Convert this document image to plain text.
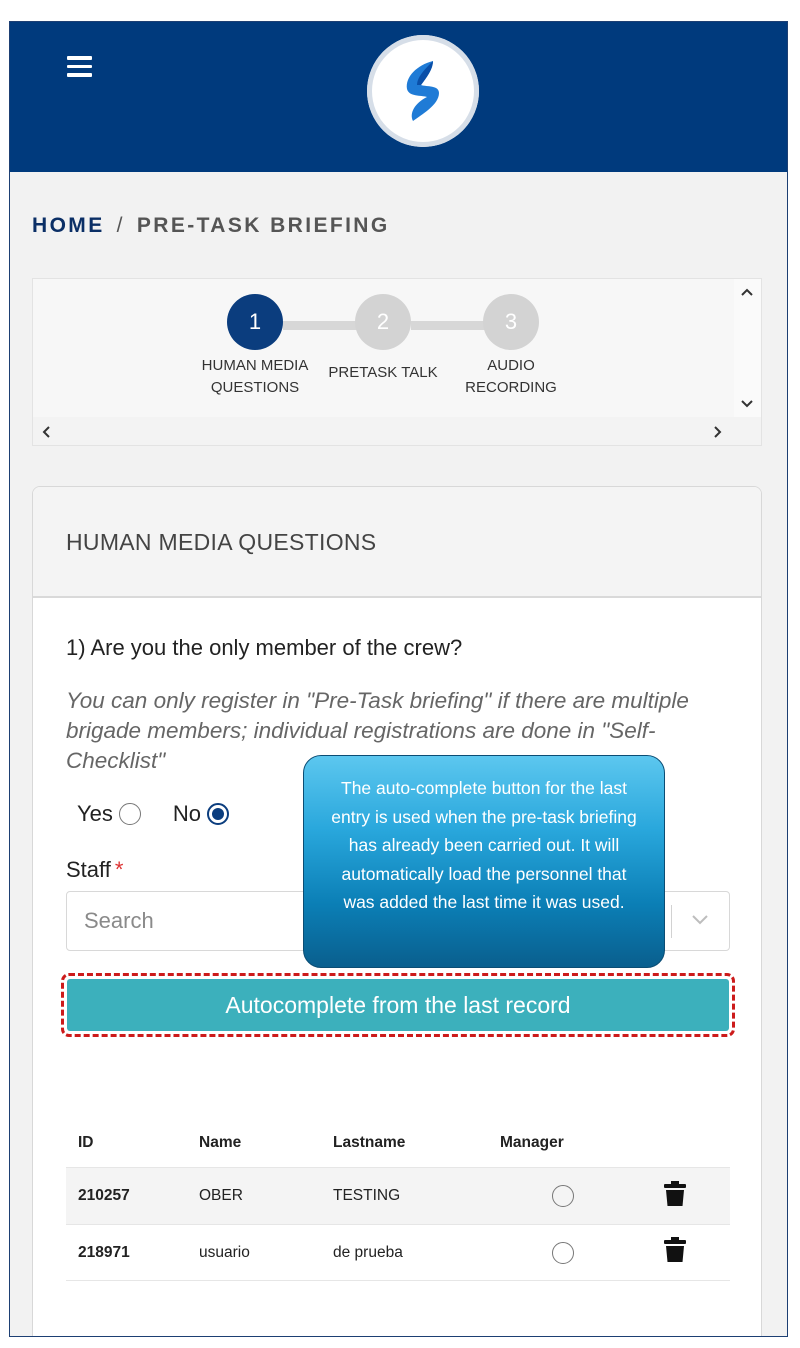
HOME / PRE-TASK BRIEFING
1	2	3
HUMAN MEDIA
QUESTIONS
PRETASK TALK	AUDIO
RECORDING
HUMAN MEDIA QUESTIONS
1) Are you the only member of the crew?
You can only register in "Pre-Task briefing" if there are multiple brigade members; individual registrations are done in "Self-Checklist"
Yes	No
Staff *
Search
Autocomplete from the last record
ID	Name	Lastname	Manager
210257	OBER	TESTING
218971	usuario	de prueba
The auto-complete button for the last entry is used when the pre-task briefing has already been carried out. It will automatically load the personnel that was added the last time it was used.
